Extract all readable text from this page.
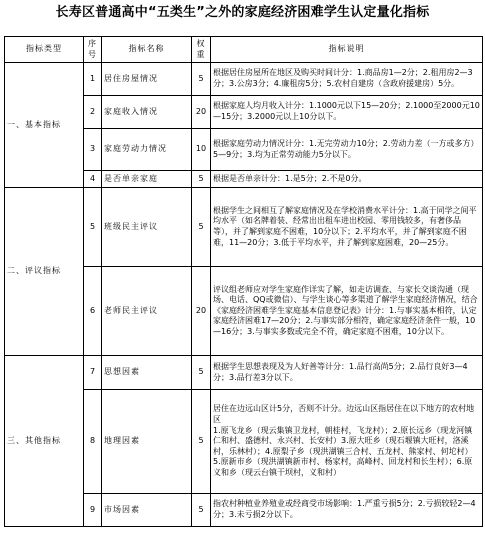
长寿区普通高中“五类生”之外的家庭经济困难学生认定量化指标
指标类型	序号	指标名称	权重	指标说明
一、基本指标	1	居住房屋情况	5	根据居住房屋所在地区及购买时间计分：1.商品房1—2分；2.租用房2—3分；3.公房3分；4.廉租房5分；5.农村自建房（含政府援建房）5分。
	2	家庭收入情况	20	根据家庭人均月收入计分：1.1000元以下15—20分；2.1000至2000元10—15分；3.2000元以上10分以下。
	3	家庭劳动力情况	10	根据家庭劳动力情况计分：1.无完劳动力10分；2.劳动力差（一方或多方）5—9分；3.均为正常劳动能力5分以下。
	4	是否单亲家庭	5	根据是否单亲计分：1.是5分；2.不是0分。
二、评议指标	5	班级民主评议	5	根据学生之间相互了解家庭情况及在学校消费水平计分：1.高于同学之间平均水平（如名牌着装、经常出出租车进出校园、零用钱较多，有奢侈品等），并了解到家庭不困难，10分以下；2.平均水平，并了解到家庭不困难，11—20分；3.低于平均水平，并了解到家庭困难，20—25分。
	6	老师民主评议	20	评议组老师应对学生家庭作详实了解，如走访调查、与家长交谈沟通（现场、电话、QQ或微信）、与学生谈心等多渠道了解学生家庭经济情况，结合《家庭经济困难学生家庭基本信息登记表》计分：1.与事实基本相符，认定家庭经济困难17—20分；2.与事实部分相符，确定家庭经济条件一般，10—16分；3.与事实多数或完全不符，确定家庭不困难，10分以下。
三、其他指标	7	思想因素	5	根据学生思想表现及为人好善等计分：1.品行高尚5分；2.品行良好3—4分；3.品行差3分以下。
	8	地理因素	5	居住在边远山区计5分，否则不计分。边远山区指居住在以下地方的农村地区
1.原飞龙乡（现云集镇卫龙村，朝桂村，飞龙村）；2.原长远乡（现龙河镇仁和村、盛德村、永兴村、长安村）3.原大旺乡（现石堰镇大旺村，洛溪村，乐林村）；4.原梨子乡（现洪湖镇三合村、五龙村、熊家村、何坨村）5.原新市乡（现洪湖镇新市村、杨家村，高峰村、回龙村和长生村）；6.原义和乡（现云台镇干坝村，义和村）
	9	市场因素	5	指农村种植业养殖业或经商受市场影响：1.严重亏损5分；2.亏损较轻2—4分；3.未亏损2分以下。
